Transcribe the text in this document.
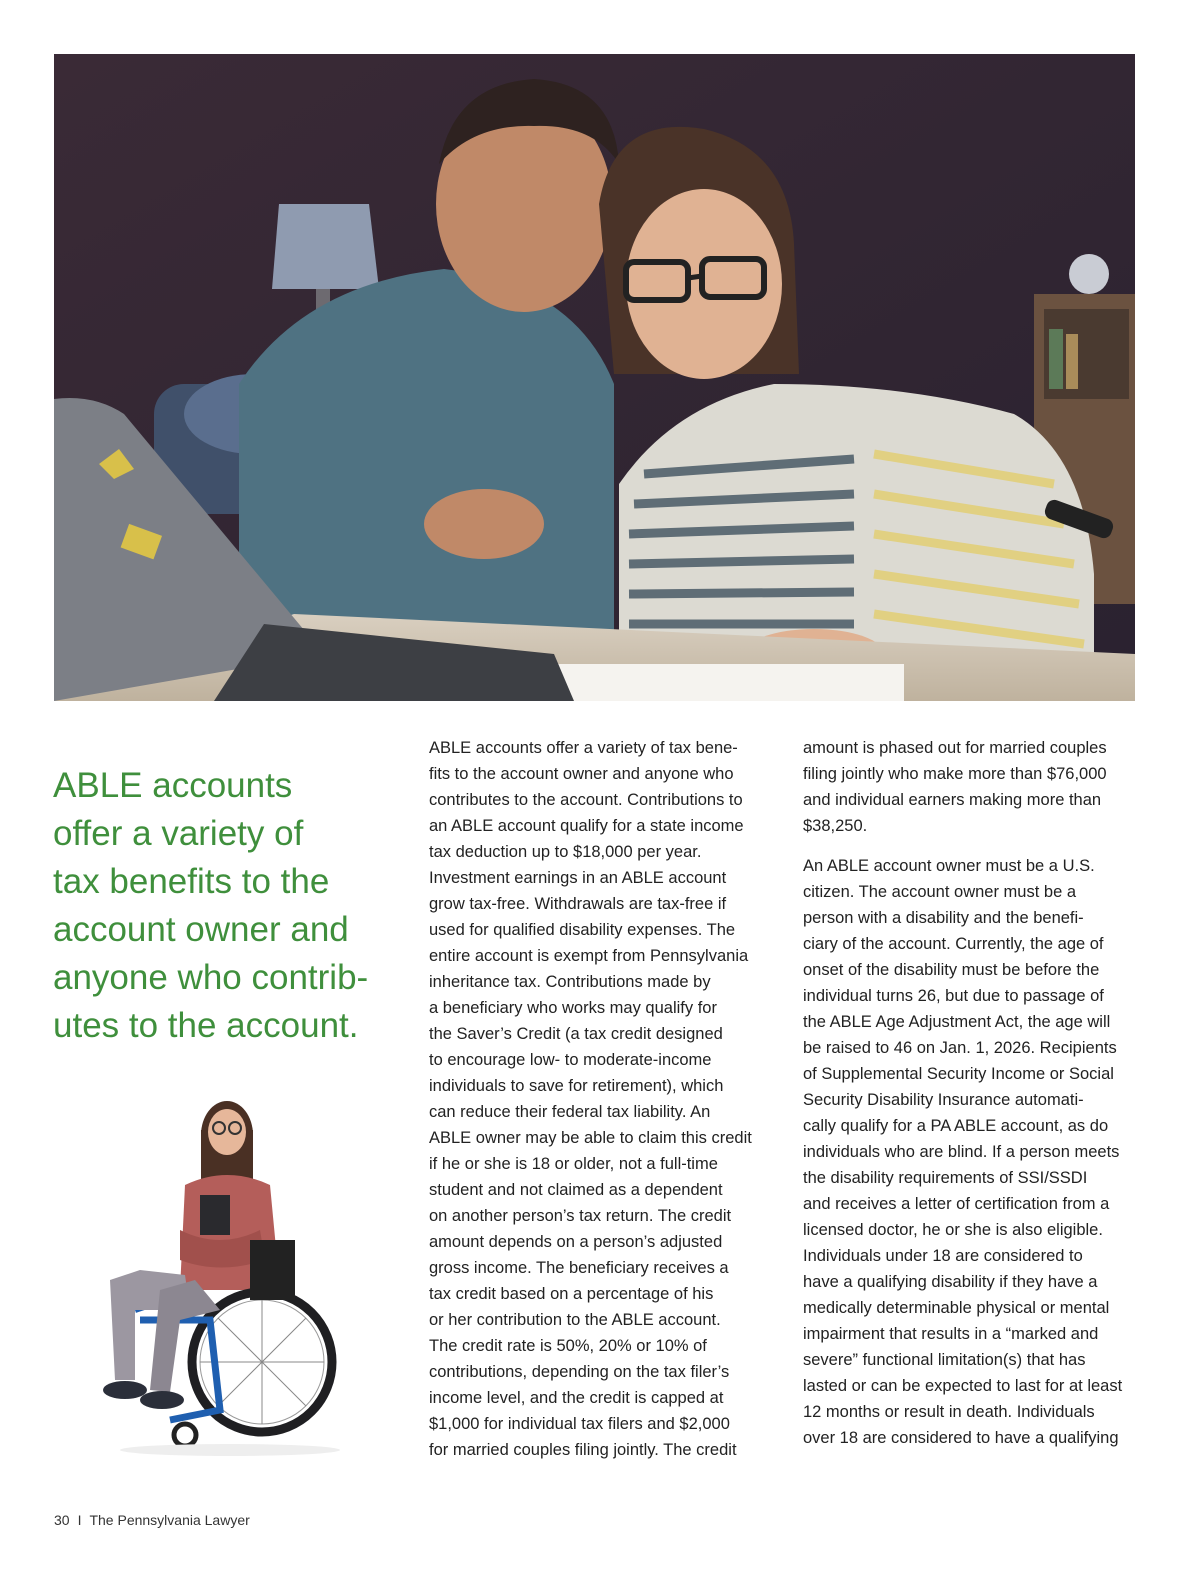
ABLE accounts
offer a variety of
tax benefits to the
account owner and
anyone who contrib-
utes to the account.
ABLE accounts offer a variety of tax bene-
fits to the account owner and anyone who
contributes to the account. Contributions to
an ABLE account qualify for a state income
tax deduction up to $18,000 per year.
Investment earnings in an ABLE account
grow tax-free. Withdrawals are tax-free if
used for qualified disability expenses. The
entire account is exempt from Pennsylvania
inheritance tax. Contributions made by
a beneficiary who works may qualify for
the Saver’s Credit (a tax credit designed
to encourage low- to moderate-income
individuals to save for retirement), which
can reduce their federal tax liability. An
ABLE owner may be able to claim this credit
if he or she is 18 or older, not a full-time
student and not claimed as a dependent
on another person’s tax return. The credit
amount depends on a person’s adjusted
gross income. The beneficiary receives a
tax credit based on a percentage of his
or her contribution to the ABLE account.
The credit rate is 50%, 20% or 10% of
contributions, depending on the tax filer’s
income level, and the credit is capped at
$1,000 for individual tax filers and $2,000
for married couples filing jointly. The credit
amount is phased out for married couples
filing jointly who make more than $76,000
and individual earners making more than
$38,250.
An ABLE account owner must be a U.S.
citizen. The account owner must be a
person with a disability and the benefi-
ciary of the account. Currently, the age of
onset of the disability must be before the
individual turns 26, but due to passage of
the ABLE Age Adjustment Act, the age will
be raised to 46 on Jan. 1, 2026. Recipients
of Supplemental Security Income or Social
Security Disability Insurance automati-
cally qualify for a PA ABLE account, as do
individuals who are blind. If a person meets
the disability requirements of SSI/SSDI
and receives a letter of certification from a
licensed doctor, he or she is also eligible.
Individuals under 18 are considered to
have a qualifying disability if they have a
medically determinable physical or mental
impairment that results in a “marked and
severe” functional limitation(s) that has
lasted or can be expected to last for at least
12 months or result in death. Individuals
over 18 are considered to have a qualifying
30 I The Pennsylvania Lawyer
